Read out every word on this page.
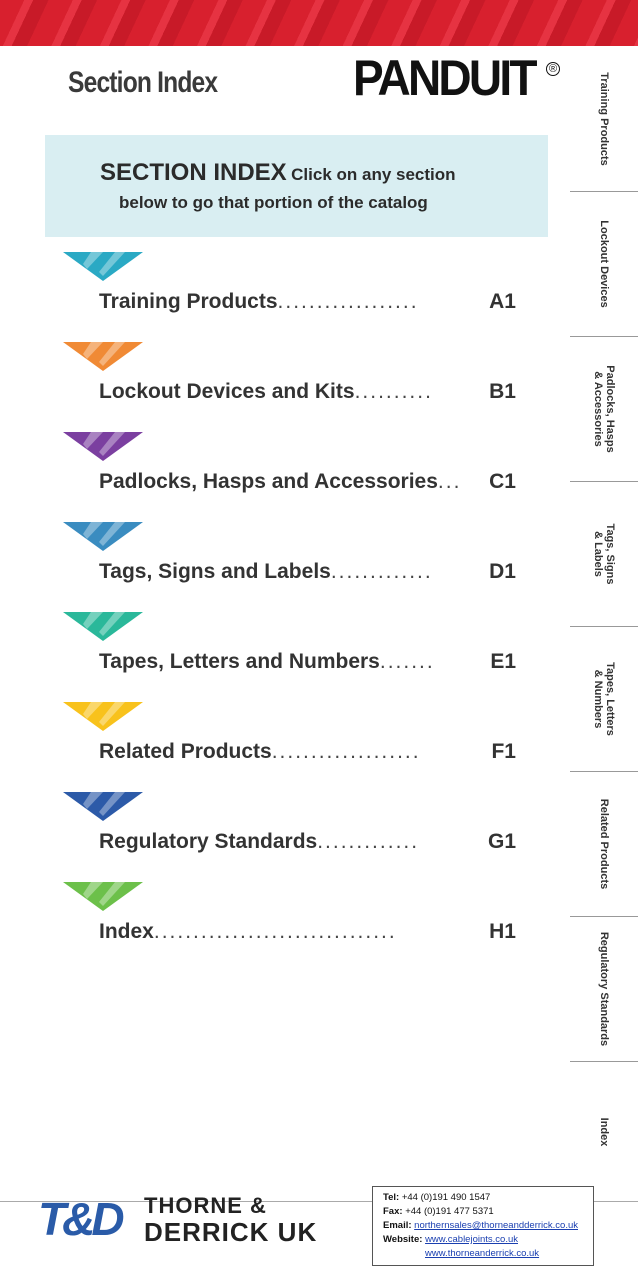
Section Index	PANDUIT ®
SECTION INDEX Click on any section
below to go that portion of the catalog
Training Products ..................	A1
Lockout Devices and Kits ..........	B1
Padlocks, Hasps and Accessories ...	C1
Tags, Signs and Labels .............	D1
Tapes, Letters and Numbers .......	E1
Related Products ...................	F1
Regulatory Standards .............	G1
Index ...............................	H1
Training Products
Lockout Devices
Padlocks, Hasps
& Accessories
Tags, Signs
& Labels
Tapes, Letters
& Numbers
Related Products
Regulatory Standards
Index
T&D THORNE &
DERRICK UK
Tel: +44 (0)191 490 1547
Fax: +44 (0)191 477 5371
Email: northernsales@thorneandderrick.co.uk
Website: www.cablejoints.co.uk
www.thorneanderrick.co.uk
